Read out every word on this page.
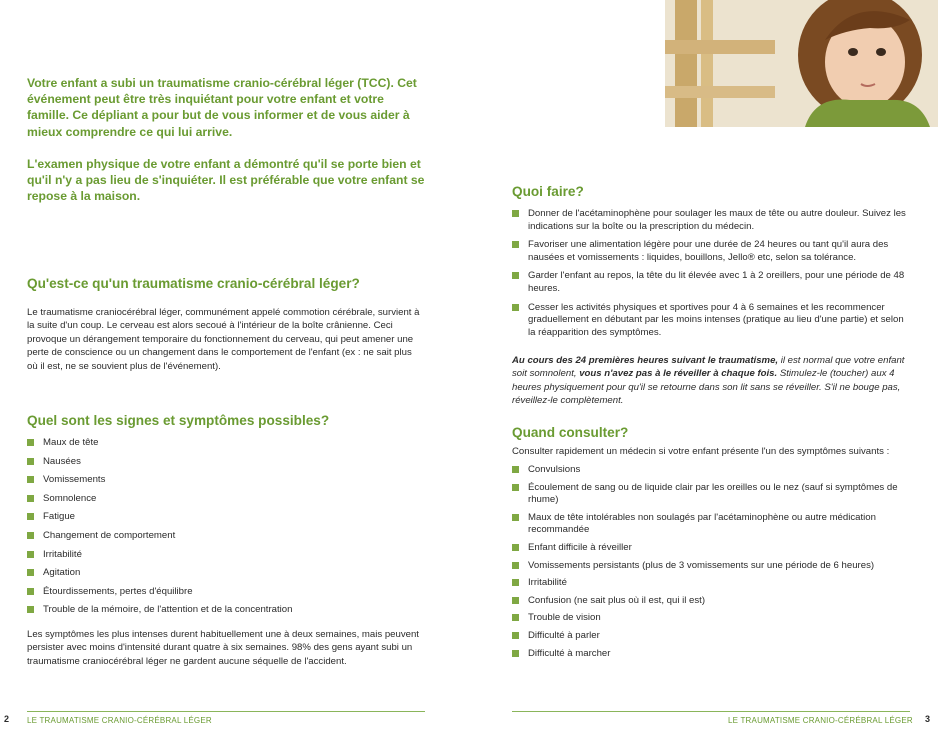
Votre enfant a subi un traumatisme cranio-cérébral léger (TCC). Cet événement peut être très inquiétant pour votre enfant et votre famille. Ce dépliant a pour but de vous informer et de vous aider à mieux comprendre ce qui lui arrive.

L'examen physique de votre enfant a démontré qu'il se porte bien et qu'il n'y a pas lieu de s'inquiéter. Il est préférable que votre enfant se repose à la maison.

Qu'est-ce qu'un traumatisme cranio-cérébral léger?
Le traumatisme craniocérébral léger, communément appelé commotion cérébrale, survient à la suite d'un coup. Le cerveau est alors secoué à l'intérieur de la boîte crânienne. Ceci provoque un dérangement temporaire du fonctionnement du cerveau, qui peut amener une perte de conscience ou un changement dans le comportement de l'enfant (ex : ne sait plus où il est, ne se souvient plus de l'événement).
Quel sont les signes et symptômes possibles?
Maux de tête
Nausées
Vomissements
Somnolence
Fatigue
Changement de comportement
Irritabilité
Agitation
Étourdissements, pertes d'équilibre
Trouble de la mémoire, de l'attention et de la concentration
Les symptômes les plus intenses durent habituellement une à deux semaines, mais peuvent persister avec moins d'intensité durant quatre à six semaines. 98% des gens ayant subi un traumatisme craniocérébral léger ne gardent aucune séquelle de l'accident.
2 LE TRAUMATISME CRANIO-CÉRÉBRAL LÉGER
Quoi faire?
Donner de l'acétaminophène pour soulager les maux de tête ou autre douleur. Suivez les indications sur la boîte ou la prescription du médecin.
Favoriser une alimentation légère pour une durée de 24 heures ou tant qu'il aura des nausées et vomissements : liquides, bouillons, Jello® etc, selon sa tolérance.
Garder l'enfant au repos, la tête du lit élevée avec 1 à 2 oreillers, pour une période de 48 heures.
Cesser les activités physiques et sportives pour 4 à 6 semaines et les recommencer graduellement en débutant par les moins intenses (pratique au lieu d'une partie) et selon la réapparition des symptômes.
Au cours des 24 premières heures suivant le traumatisme, il est normal que votre enfant soit somnolent, vous n'avez pas à le réveiller à chaque fois. Stimulez-le (toucher) aux 4 heures physiquement pour qu'il se retourne dans son lit sans se réveiller. S'il ne bouge pas, réveillez-le complètement.
Quand consulter?
Consulter rapidement un médecin si votre enfant présente l'un des symptômes suivants :
Convulsions
Écoulement de sang ou de liquide clair par les oreilles ou le nez (sauf si symptômes de rhume)
Maux de tête intolérables non soulagés par l'acétaminophène ou autre médication recommandée
Enfant difficile à réveiller
Vomissements persistants (plus de 3 vomissements sur une période de 6 heures)
Irritabilité
Confusion (ne sait plus où il est, qui il est)
Trouble de vision
Difficulté à parler
Difficulté à marcher
LE TRAUMATISME CRANIO-CÉRÉBRAL LÉGER 3
